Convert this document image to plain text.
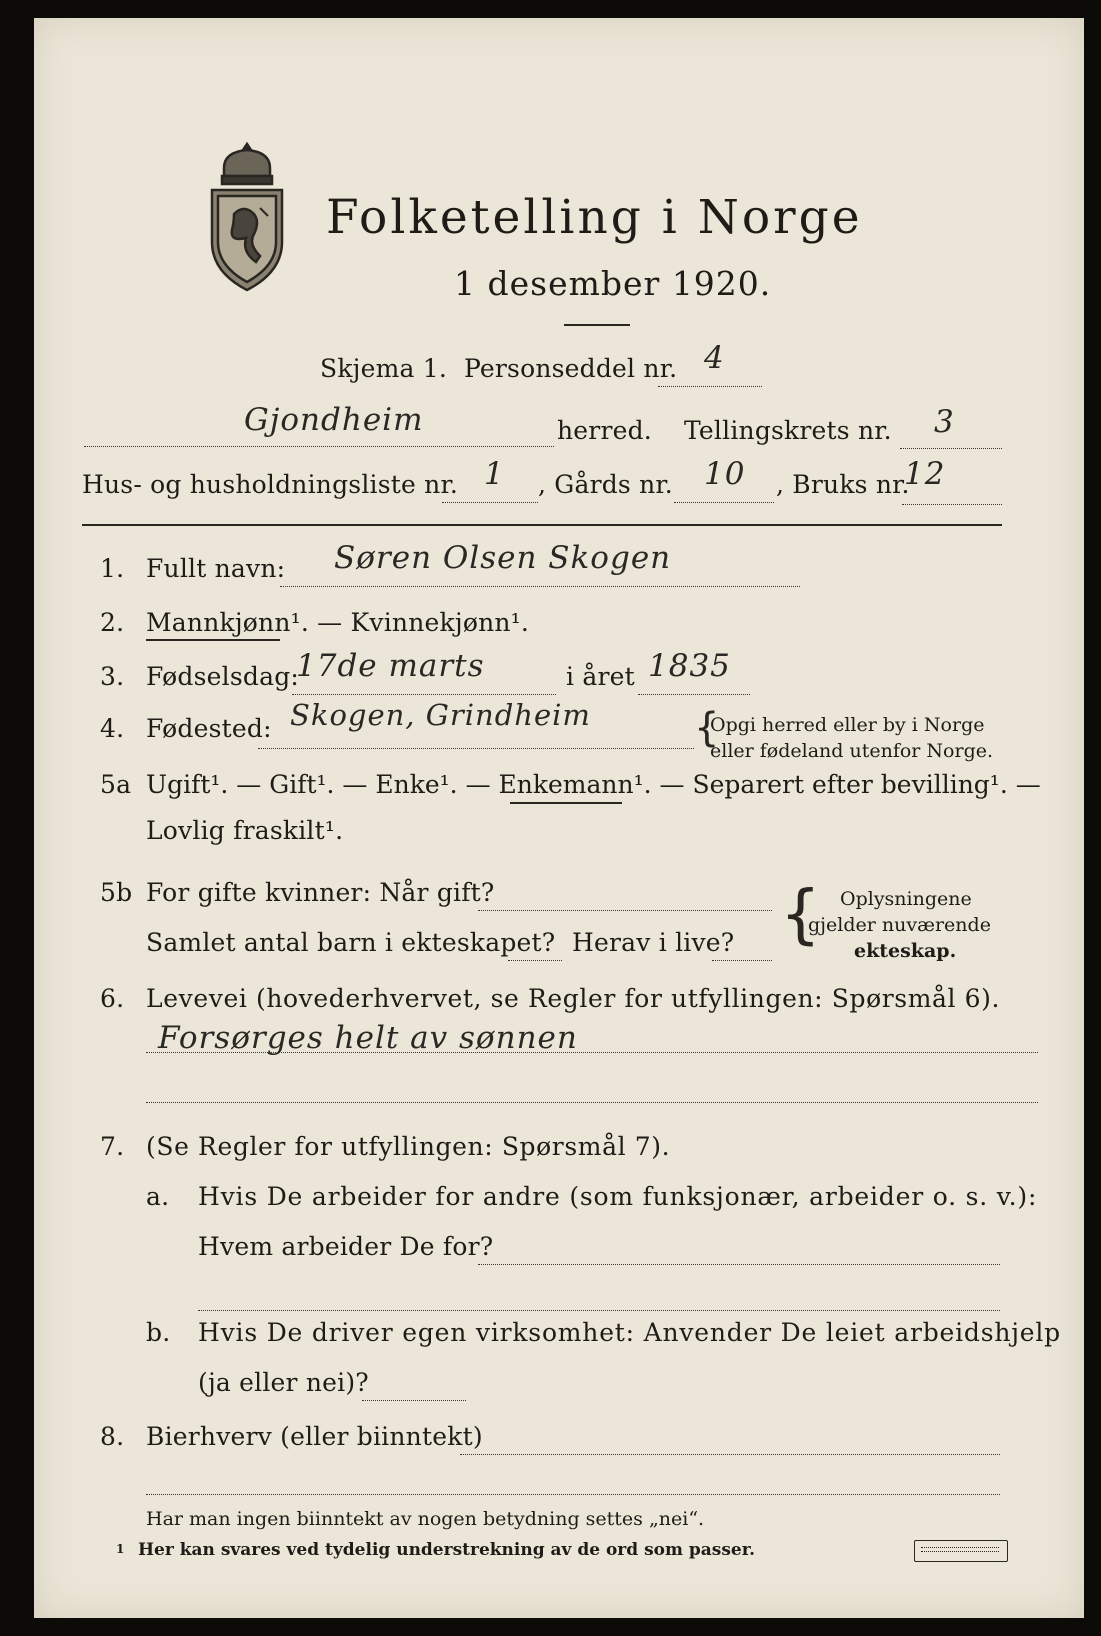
Folketelling i Norge
1 desember 1920.
Skjema 1. Personseddel nr. 4
Gjondheim	herred. Tellingskrets nr. 3
Hus- og husholdningsliste nr. 1 , Gårds nr. 10 , Bruks nr.
12
1. Fullt navn: Søren Olsen Skogen
2. Mannkjønn¹. — Kvinnekjønn¹.
3. Fødselsdag:
17de marts	i året 1835
4. Fødested: Skogen, Grindheim	{
Opgi herred eller by i Norge
eller fødeland utenfor Norge.
5a Ugift¹. — Gift¹. — Enke¹. — Enkemann¹. — Separert efter bevilling¹. —
Lovlig fraskilt¹.
5b For gifte kvinner: Når gift?
Samlet antal barn i ekteskapet? Herav i live? { Oplysningene
gjelder nuværende
ekteskap.
6. Levevei (hovederhvervet, se Regler for utfyllingen: Spørsmål 6).
Forsørges helt av sønnen
7. (Se Regler for utfyllingen: Spørsmål 7).
a. Hvis De arbeider for andre (som funksjonær, arbeider o. s. v.):
Hvem arbeider De for?
b. Hvis De driver egen virksomhet: Anvender De leiet arbeidshjelp
(ja eller nei)?
8. Bierhverv (eller biinntekt)
Har man ingen biinntekt av nogen betydning settes „nei“.
1 Her kan svares ved tydelig understrekning av de ord som passer.
